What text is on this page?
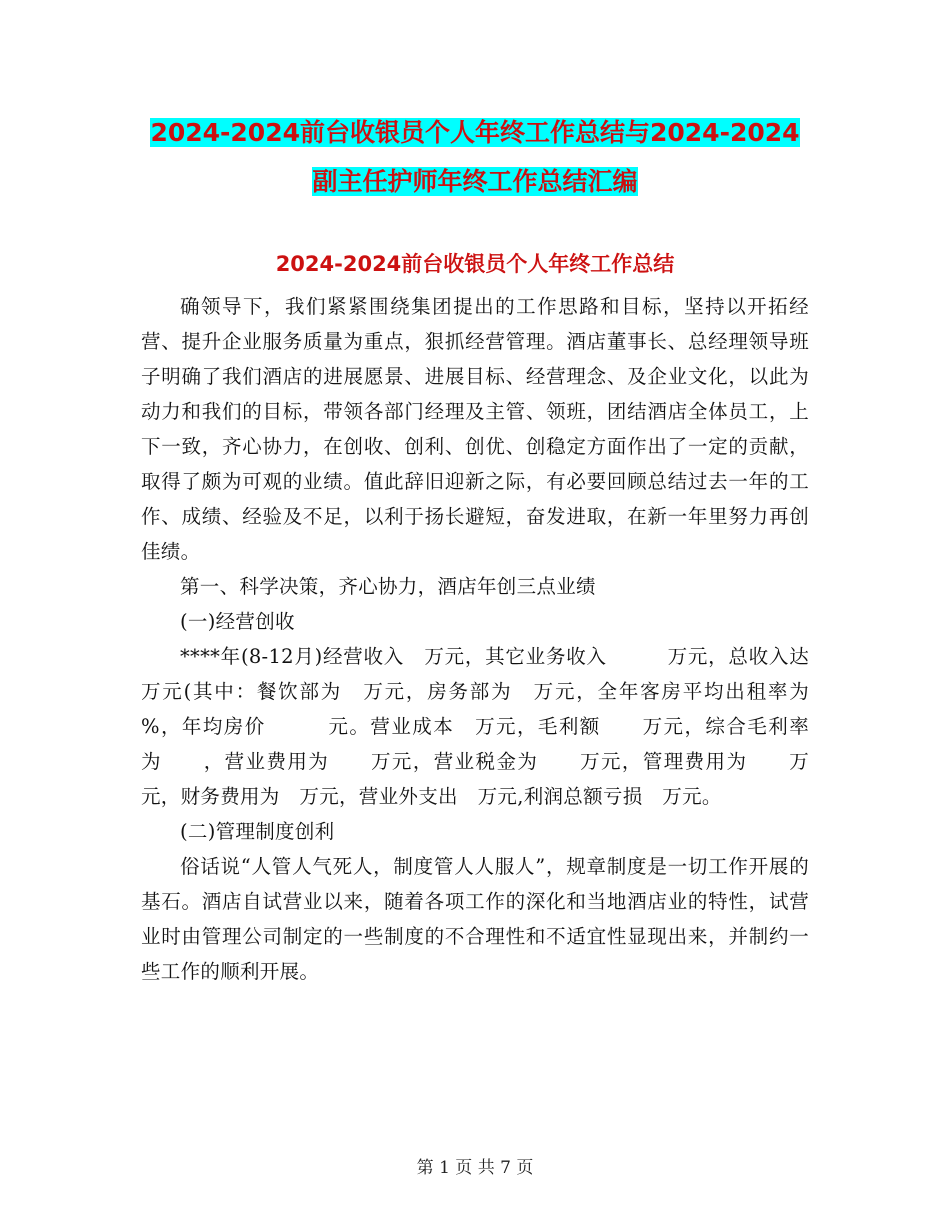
2024-2024前台收银员个人年终工作总结与2024-2024
副主任护师年终工作总结汇编
2024-2024前台收银员个人年终工作总结

确领导下，我们紧紧围绕集团提出的工作思路和目标，坚持以开拓经营、提升企业服务质量为重点，狠抓经营管理。酒店董事长、总经理领导班子明确了我们酒店的进展愿景、进展目标、经营理念、及企业文化，以此为动力和我们的目标，带领各部门经理及主管、领班，团结酒店全体员工，上下一致，齐心协力，在创收、创利、创优、创稳定方面作出了一定的贡献，取得了颇为可观的业绩。值此辞旧迎新之际，有必要回顾总结过去一年的工作、成绩、经验及不足，以利于扬长避短，奋发进取，在新一年里努力再创佳绩。

第一、科学决策，齐心协力，酒店年创三点业绩

(一)经营创收

****年(8-12月)经营收入　万元，其它业务收入　　　万元，总收入达　万元(其中：餐饮部为　万元，房务部为　万元，全年客房平均出租率为　　%，年均房价　　　元。营业成本　万元，毛利额　　万元，综合毛利率为　　，营业费用为　　万元，营业税金为　　万元，管理费用为　　万元，财务费用为　万元，营业外支出　万元,利润总额亏损　万元。

(二)管理制度创利

俗话说“人管人气死人，制度管人人服人”，规章制度是一切工作开展的基石。酒店自试营业以来，随着各项工作的深化和当地酒店业的特性，试营业时由管理公司制定的一些制度的不合理性和不适宜性显现出来，并制约一些工作的顺利开展。

第 1 页 共 7 页
